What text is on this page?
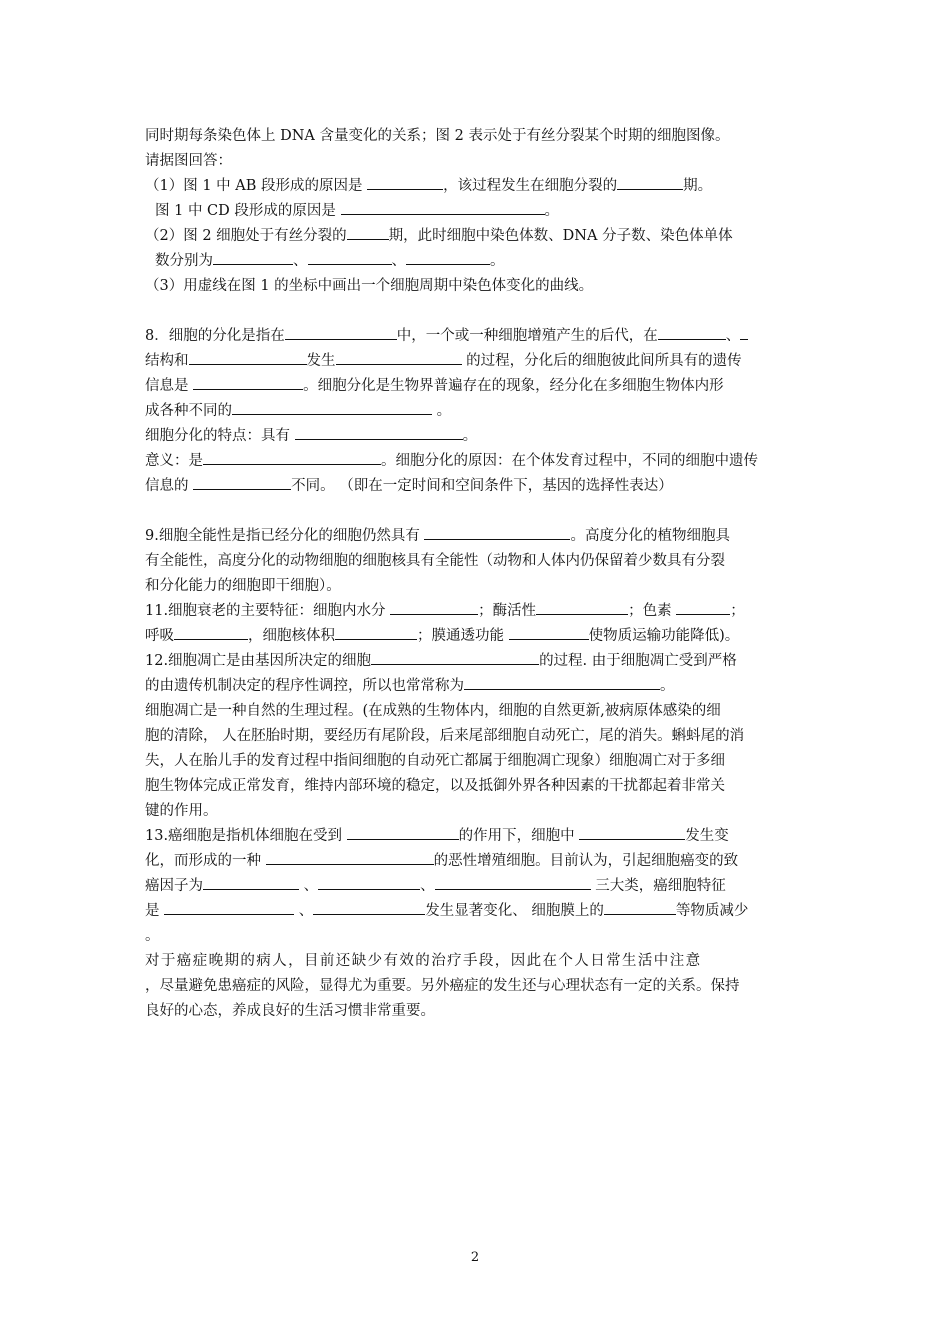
同时期每条染色体上 DNA 含量变化的关系；图 2 表示处于有丝分裂某个时期的细胞图像。

请据图回答：

（1）图 1 中 AB 段形成的原因是	，该过程发生在细胞分裂的	期。

图 1 中 CD 段形成的原因是	。

（2）图 2 细胞处于有丝分裂的	期，此时细胞中染色体数、DNA 分子数、染色体单体

数分别为	、	、	。

（3）用虚线在图 1 的坐标中画出一个细胞周期中染色体变化的曲线。

8．细胞的分化是指在	中，一个或一种细胞增殖产生的后代，在	、

结构和	发生	的过程，分化后的细胞彼此间所具有的遗传

信息是	。细胞分化是生物界普遍存在的现象，经分化在多细胞生物体内形

成各种不同的	。

细胞分化的特点：具有	。

意义：是	。细胞分化的原因：在个体发育过程中，不同的细胞中遗传

信息的	不同。 （即在一定时间和空间条件下，基因的选择性表达）

9.细胞全能性是指已经分化的细胞仍然具有	。高度分化的植物细胞具

有全能性，高度分化的动物细胞的细胞核具有全能性（动物和人体内仍保留着少数具有分裂

和分化能力的细胞即干细胞）。

11.细胞衰老的主要特征：细胞内水分	；酶活性	；色素	；

呼吸	，细胞核体积	；膜通透功能	使物质运输功能降低)。

12.细胞凋亡是由基因所决定的细胞	的过程. 由于细胞凋亡受到严格

的由遗传机制决定的程序性调控，所以也常常称为	。

细胞凋亡是一种自然的生理过程。(在成熟的生物体内，细胞的自然更新,被病原体感染的细

胞的清除， 人在胚胎时期，要经历有尾阶段，后来尾部细胞自动死亡，尾的消失。蝌蚪尾的消

失，人在胎儿手的发育过程中指间细胞的自动死亡都属于细胞凋亡现象）细胞凋亡对于多细

胞生物体完成正常发育，维持内部环境的稳定，以及抵御外界各种因素的干扰都起着非常关

键的作用。

13.癌细胞是指机体细胞在受到	的作用下，细胞中	发生变

化，而形成的一种	的恶性增殖细胞。目前认为，引起细胞癌变的致

癌因子为	、	、	三大类，癌细胞特征

是	、	发生显著变化、 细胞膜上的	等物质减少

。

对于癌症晚期的病人，目前还缺少有效的治疗手段，因此在个人日常生活中注意

，尽量避免患癌症的风险，显得尤为重要。另外癌症的发生还与心理状态有一定的关系。保持

良好的心态，养成良好的生活习惯非常重要。

2
